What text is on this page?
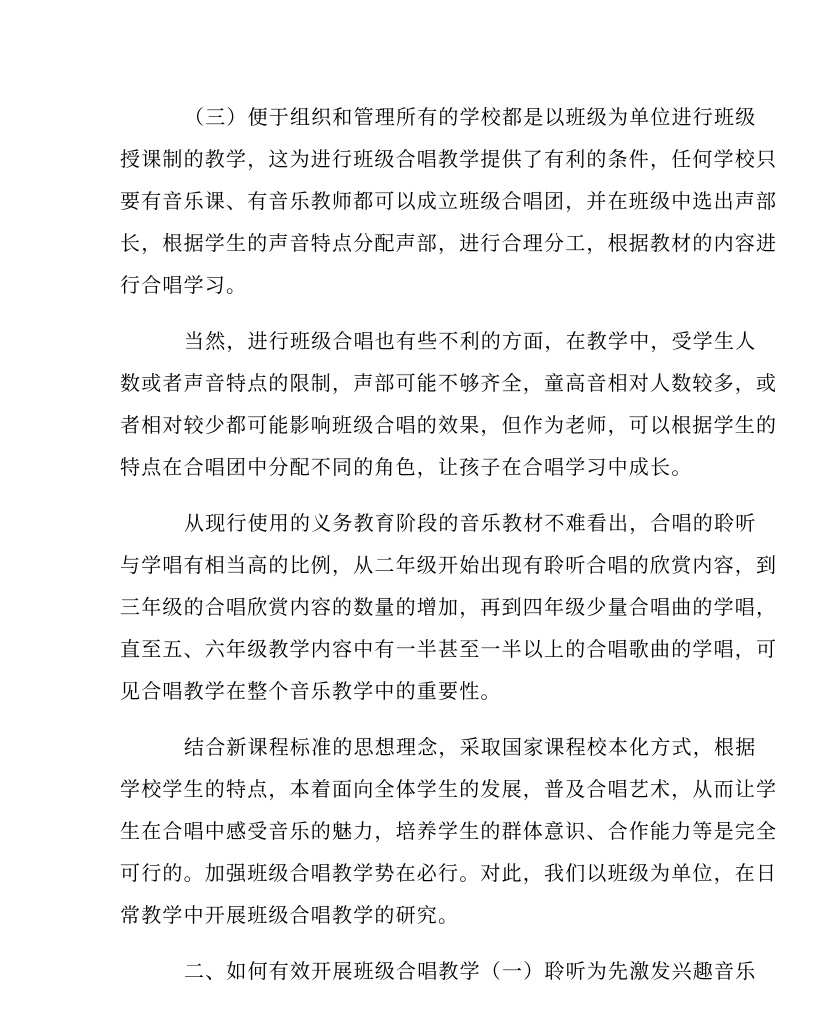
（三）便于组织和管理所有的学校都是以班级为单位进行班级
授课制的教学，这为进行班级合唱教学提供了有利的条件，任何学校只
要有音乐课、有音乐教师都可以成立班级合唱团，并在班级中选出声部
长，根据学生的声音特点分配声部，进行合理分工，根据教材的内容进
行合唱学习。
当然，进行班级合唱也有些不利的方面，在教学中，受学生人
数或者声音特点的限制，声部可能不够齐全，童高音相对人数较多，或
者相对较少都可能影响班级合唱的效果，但作为老师，可以根据学生的
特点在合唱团中分配不同的角色，让孩子在合唱学习中成长。
从现行使用的义务教育阶段的音乐教材不难看出，合唱的聆听
与学唱有相当高的比例，从二年级开始出现有聆听合唱的欣赏内容，到
三年级的合唱欣赏内容的数量的增加，再到四年级少量合唱曲的学唱，
直至五、六年级教学内容中有一半甚至一半以上的合唱歌曲的学唱，可
见合唱教学在整个音乐教学中的重要性。
结合新课程标准的思想理念，采取国家课程校本化方式，根据
学校学生的特点，本着面向全体学生的发展，普及合唱艺术，从而让学
生在合唱中感受音乐的魅力，培养学生的群体意识、合作能力等是完全
可行的。加强班级合唱教学势在必行。对此，我们以班级为单位，在日
常教学中开展班级合唱教学的研究。
二、如何有效开展班级合唱教学（一）聆听为先激发兴趣音乐
